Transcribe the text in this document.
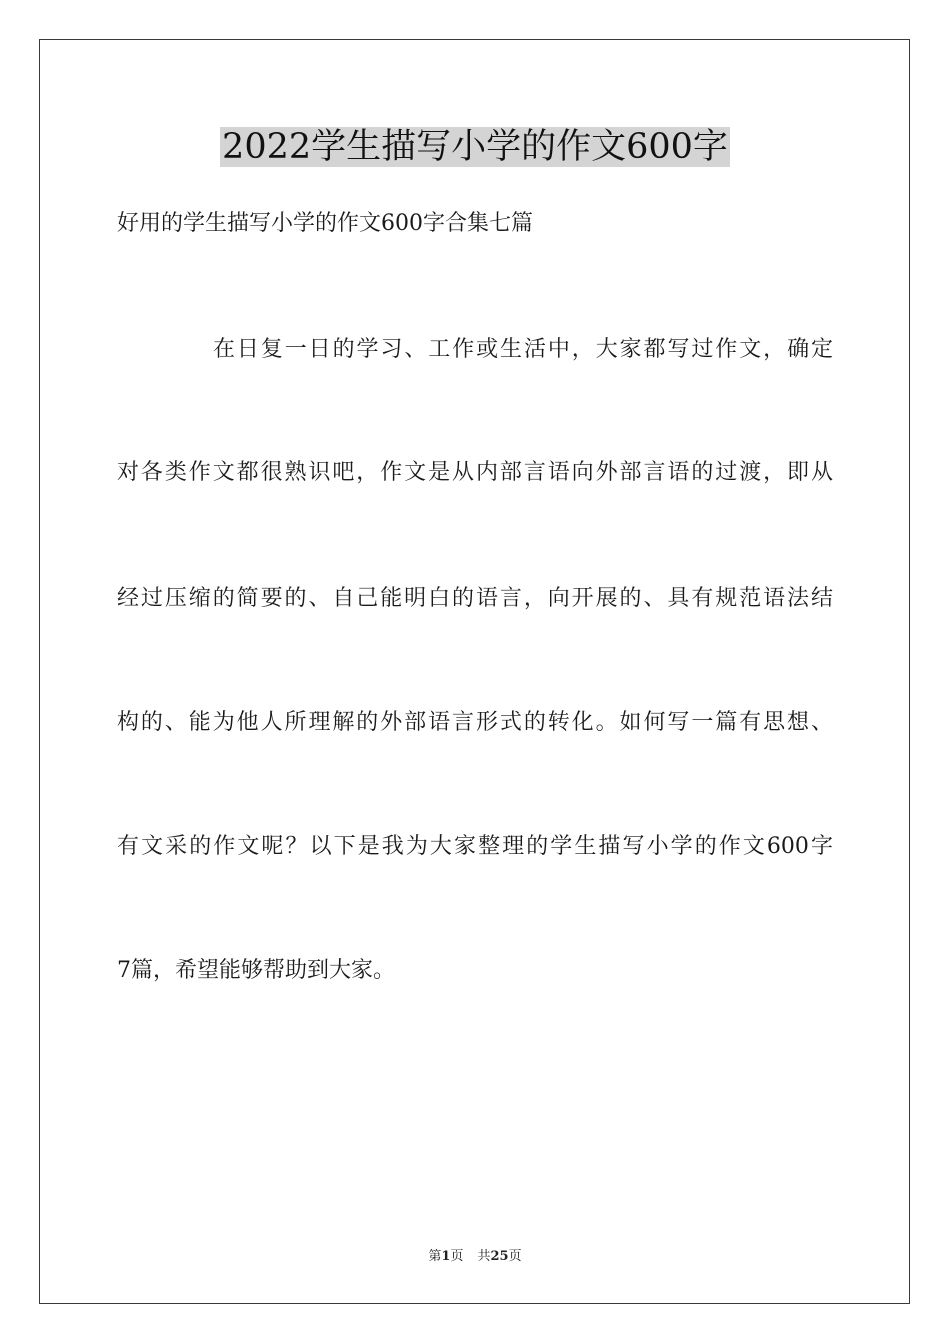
2022学生描写小学的作文600字
好用的学生描写小学的作文600字合集七篇
在日复一日的学习、工作或生活中，大家都写过作文，确定
对各类作文都很熟识吧，作文是从内部言语向外部言语的过渡，即从
经过压缩的简要的、自己能明白的语言，向开展的、具有规范语法结
构的、能为他人所理解的外部语言形式的转化。如何写一篇有思想、
有文采的作文呢？以下是我为大家整理的学生描写小学的作文600字
7篇，希望能够帮助到大家。
第1页 共25页
